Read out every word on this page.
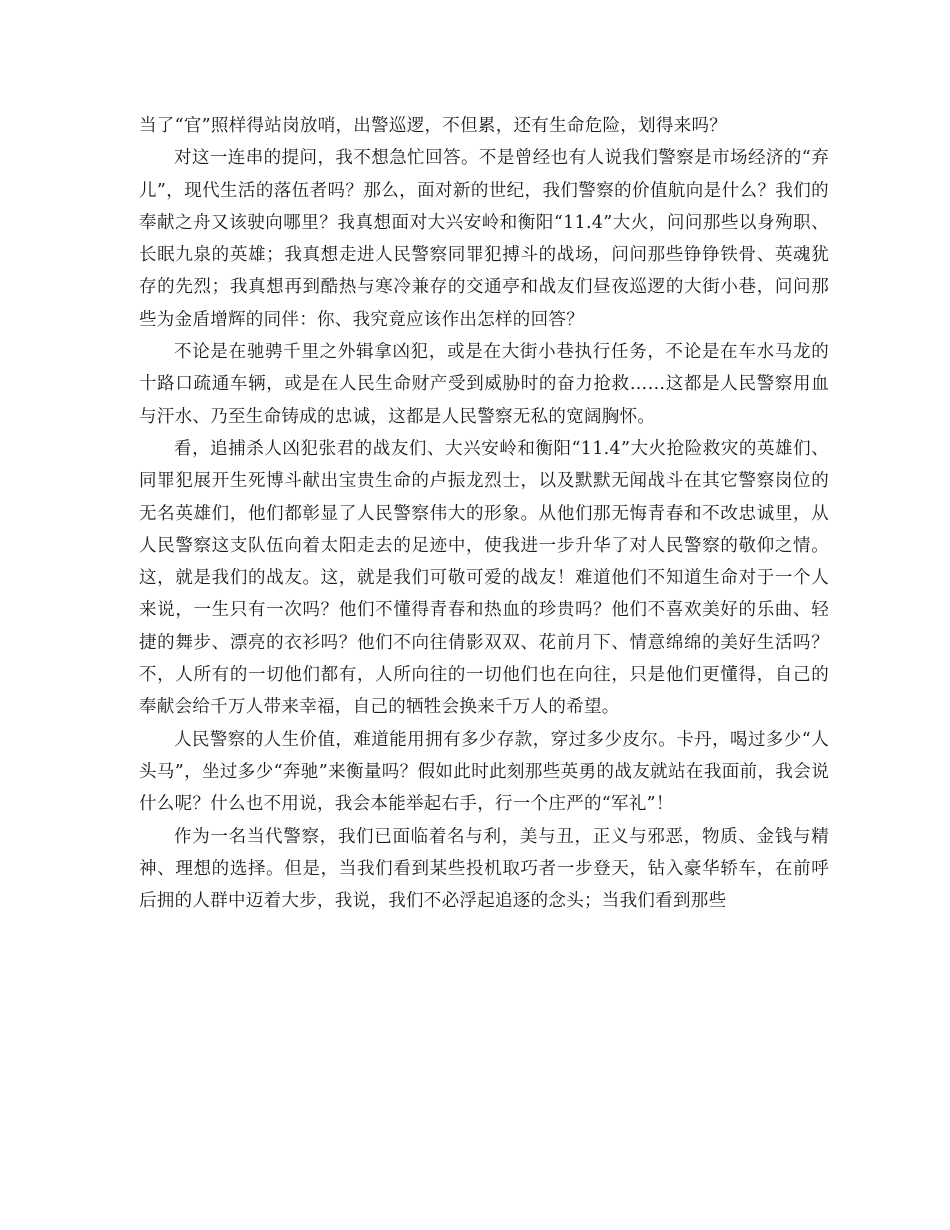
当了“官”照样得站岗放哨，出警巡逻，不但累，还有生命危险，划得来吗？

对这一连串的提问，我不想急忙回答。不是曾经也有人说我们警察是市场经济的“弃儿”，现代生活的落伍者吗？那么，面对新的世纪，我们警察的价值航向是什么？我们的奉献之舟又该驶向哪里？我真想面对大兴安岭和衡阳“11.4”大火，问问那些以身殉职、长眠九泉的英雄；我真想走进人民警察同罪犯搏斗的战场，问问那些铮铮铁骨、英魂犹存的先烈；我真想再到酷热与寒冷兼存的交通亭和战友们昼夜巡逻的大街小巷，问问那些为金盾增辉的同伴：你、我究竟应该作出怎样的回答？

不论是在驰骋千里之外辑拿凶犯，或是在大街小巷执行任务，不论是在车水马龙的十路口疏通车辆，或是在人民生命财产受到威胁时的奋力抢救……这都是人民警察用血与汗水、乃至生命铸成的忠诚，这都是人民警察无私的宽阔胸怀。

看，追捕杀人凶犯张君的战友们、大兴安岭和衡阳“11.4”大火抢险救灾的英雄们、同罪犯展开生死博斗献出宝贵生命的卢振龙烈士，以及默默无闻战斗在其它警察岗位的无名英雄们，他们都彰显了人民警察伟大的形象。从他们那无悔青春和不改忠诚里，从人民警察这支队伍向着太阳走去的足迹中，使我进一步升华了对人民警察的敬仰之情。这，就是我们的战友。这，就是我们可敬可爱的战友！难道他们不知道生命对于一个人来说，一生只有一次吗？他们不懂得青春和热血的珍贵吗？他们不喜欢美好的乐曲、轻捷的舞步、漂亮的衣衫吗？他们不向往倩影双双、花前月下、情意绵绵的美好生活吗？不，人所有的一切他们都有，人所向往的一切他们也在向往，只是他们更懂得，自己的奉献会给千万人带来幸福，自己的牺牲会换来千万人的希望。

人民警察的人生价值，难道能用拥有多少存款，穿过多少皮尔。卡丹，喝过多少“人头马”，坐过多少“奔驰”来衡量吗？假如此时此刻那些英勇的战友就站在我面前，我会说什么呢？什么也不用说，我会本能举起右手，行一个庄严的“军礼”！

作为一名当代警察，我们已面临着名与利，美与丑，正义与邪恶，物质、金钱与精神、理想的选择。但是，当我们看到某些投机取巧者一步登天，钻入豪华轿车，在前呼后拥的人群中迈着大步，我说，我们不必浮起追逐的念头；当我们看到那些
